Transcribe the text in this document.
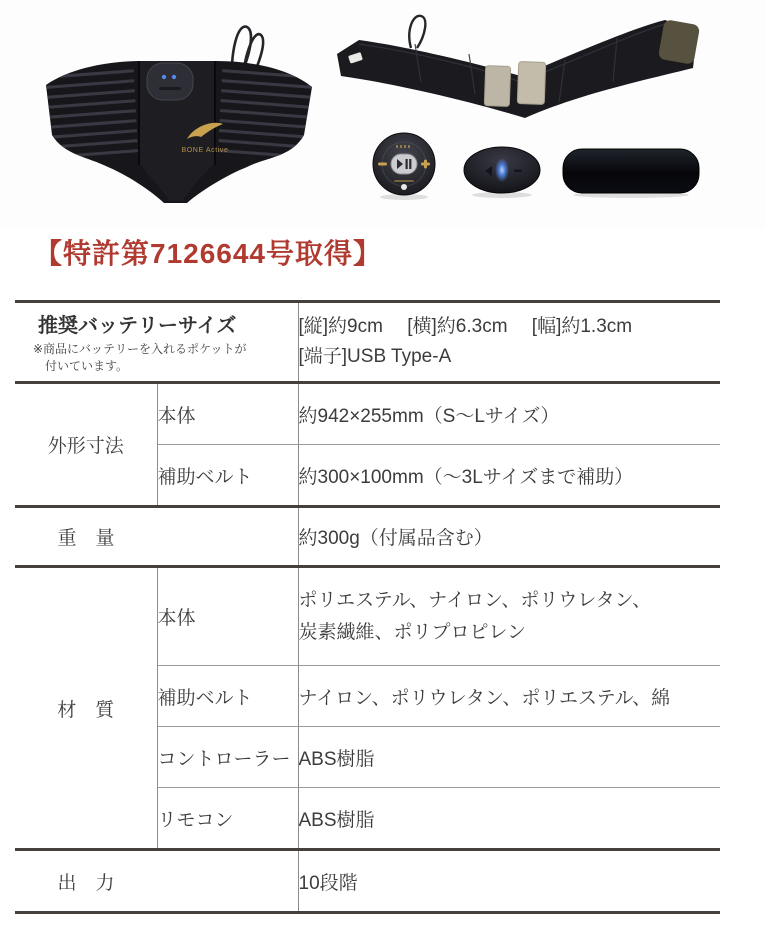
BONE Active
【特許第7126644号取得】
推奨バッテリーサイズ
※商品にバッテリーを入れるポケットが
付いています。

[縦]約9cm　 [横]約6.3cm　 [幅]約1.3cm
[端子]USB Type-A

外形寸法	本体	約942×255mm（S～Lサイズ）
	補助ベルト	約300×100mm（～3Lサイズまで補助）

重　量		約300g（付属品含む）
材　質	本体	ポリエステル、ナイロン、ポリウレタン、
炭素繊維、ポリプロピレン

	補助ベルト	ナイロン、ポリウレタン、ポリエステル、綿
	コントローラー	ABS樹脂
	リモコン	ABS樹脂

出　力		10段階
